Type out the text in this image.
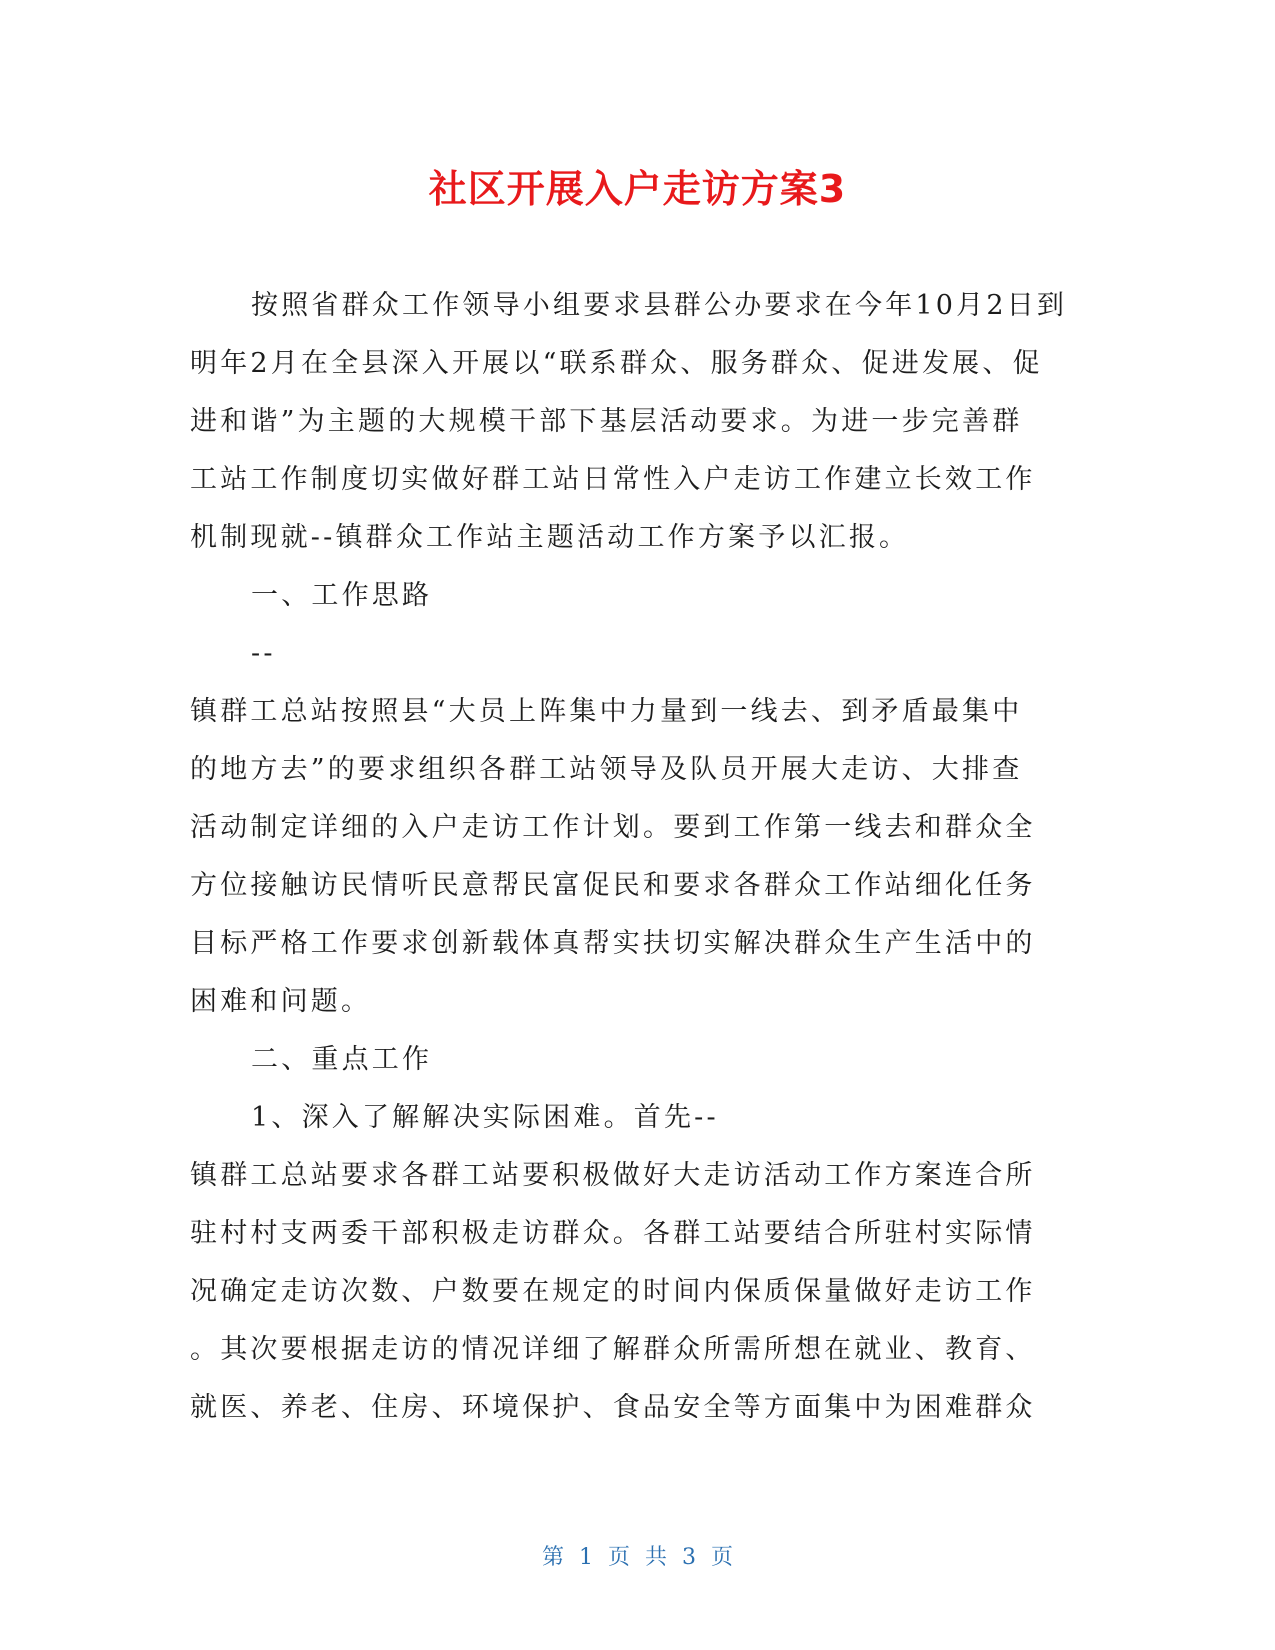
社区开展入户走访方案3
按照省群众工作领导小组要求县群公办要求在今年10月2日到
明年2月在全县深入开展以“联系群众、服务群众、促进发展、促
进和谐”为主题的大规模干部下基层活动要求。为进一步完善群
工站工作制度切实做好群工站日常性入户走访工作建立长效工作
机制现就--镇群众工作站主题活动工作方案予以汇报。
一、工作思路
--
镇群工总站按照县“大员上阵集中力量到一线去、到矛盾最集中
的地方去”的要求组织各群工站领导及队员开展大走访、大排查
活动制定详细的入户走访工作计划。要到工作第一线去和群众全
方位接触访民情听民意帮民富促民和要求各群众工作站细化任务
目标严格工作要求创新载体真帮实扶切实解决群众生产生活中的
困难和问题。
二、重点工作
1、深入了解解决实际困难。首先--
镇群工总站要求各群工站要积极做好大走访活动工作方案连合所
驻村村支两委干部积极走访群众。各群工站要结合所驻村实际情
况确定走访次数、户数要在规定的时间内保质保量做好走访工作
。其次要根据走访的情况详细了解群众所需所想在就业、教育、
就医、养老、住房、环境保护、食品安全等方面集中为困难群众
第 1 页 共 3 页
